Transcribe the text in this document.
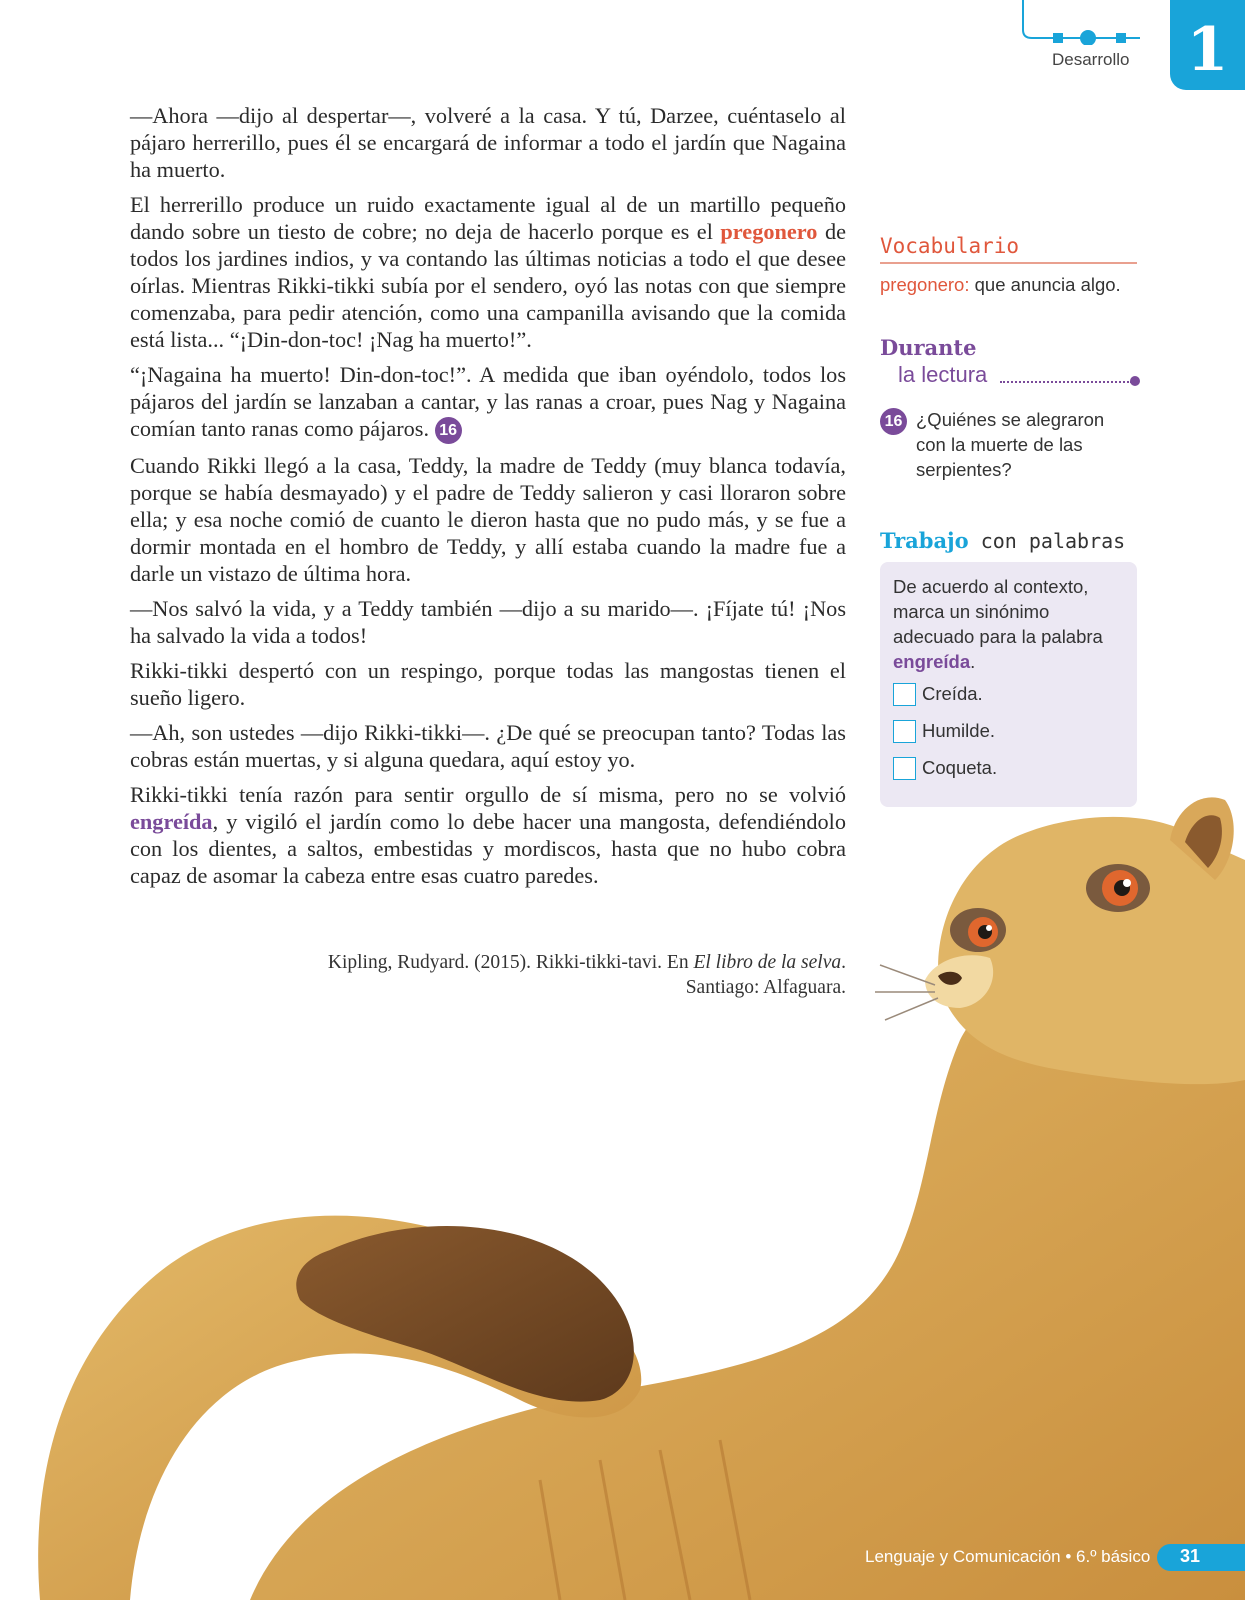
Desarrollo 1

—Ahora —dijo al despertar—, volveré a la casa. Y tú, Darzee, cuéntaselo al pájaro herrerillo, pues él se encargará de informar a todo el jardín que Nagaina ha muerto.

El herrerillo produce un ruido exactamente igual al de un martillo pequeño dando sobre un tiesto de cobre; no deja de hacerlo porque es el pregonero de todos los jardines indios, y va contando las últimas noticias a todo el que desee oírlas. Mientras Rikki-tikki subía por el sendero, oyó las notas con que siempre comenzaba, para pedir atención, como una campanilla avisando que la comida está lista... “¡Din-don-toc! ¡Nag ha muerto!”.

“¡Nagaina ha muerto! Din-don-toc!”. A medida que iban oyéndolo, todos los pájaros del jardín se lanzaban a cantar, y las ranas a croar, pues Nag y Nagaina comían tanto ranas como pájaros. 16

Cuando Rikki llegó a la casa, Teddy, la madre de Teddy (muy blanca todavía, porque se había desmayado) y el padre de Teddy salieron y casi lloraron sobre ella; y esa noche comió de cuanto le dieron hasta que no pudo más, y se fue a dormir montada en el hombro de Teddy, y allí estaba cuando la madre fue a darle un vistazo de última hora.

—Nos salvó la vida, y a Teddy también —dijo a su marido—. ¡Fíjate tú! ¡Nos ha salvado la vida a todos!

Rikki-tikki despertó con un respingo, porque todas las mangostas tienen el sueño ligero.

—Ah, son ustedes —dijo Rikki-tikki—. ¿De qué se preocupan tanto? Todas las cobras están muertas, y si alguna quedara, aquí estoy yo.

Rikki-tikki tenía razón para sentir orgullo de sí misma, pero no se volvió engreída, y vigiló el jardín como lo debe hacer una mangosta, defendiéndolo con los dientes, a saltos, embestidas y mordiscos, hasta que no hubo cobra capaz de asomar la cabeza entre esas cuatro paredes.

Kipling, Rudyard. (2015). Rikki-tikki-tavi. En El libro de la selva.
Santiago: Alfaguara.
Vocabulario
pregonero: que anuncia algo.
Durante
la lectura
16 ¿Quiénes se alegraron con la muerte de las serpientes?
Trabajo con palabras
De acuerdo al contexto, marca un sinónimo adecuado para la palabra engreída.
Creída.
Humilde.
Coqueta.
Lenguaje y Comunicación • 6.º básico	31
